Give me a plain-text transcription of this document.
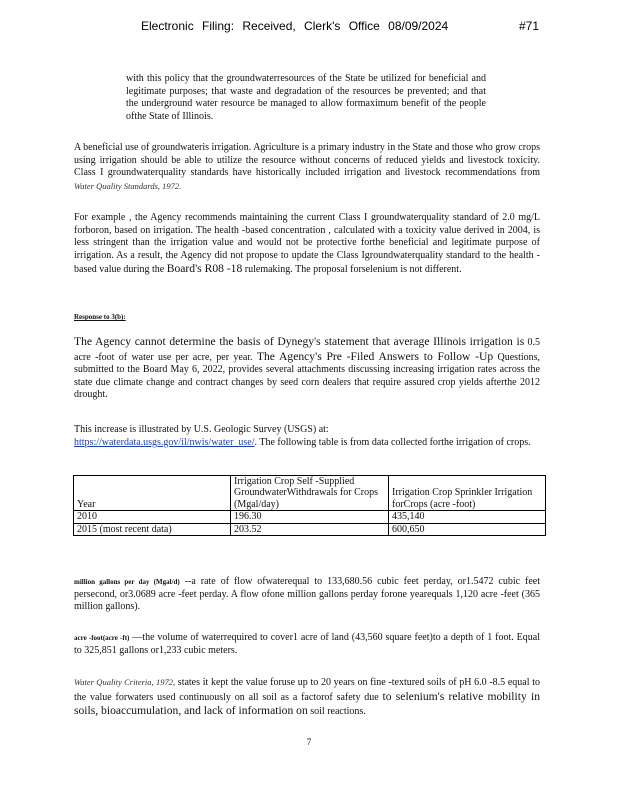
Electronic Filing: Received, Clerk's Office 08/09/2024	#71

with this policy that the groundwaterresources of the State be utilized for beneficial and legitimate purposes; that waste and degradation of the resources be prevented; and that the underground water resource be managed to allow formaximum benefit of the people ofthe State of Illinois.

A beneficial use of groundwateris irrigation. Agriculture is a primary industry in the State and those who grow crops using irrigation should be able to utilize the resource without concerns of reduced yields and livestock toxicity. Class I groundwaterquality standards have historically included irrigation and livestock recommendations from Water Quality Standards, 1972.

For example , the Agency recommends maintaining the current Class I groundwaterquality standard of 2.0 mg/L forboron, based on irrigation. The health -based concentration , calculated with a toxicity value derived in 2004, is less stringent than the irrigation value and would not be protective forthe beneficial and legitimate purpose of irrigation. As a result, the Agency did not propose to update the Class Igroundwaterquality standard to the health -based value during the Board's R08 -18 rulemaking. The proposal forselenium is not different.

Response to 3(b):

The Agency cannot determine the basis of Dynegy's statement that average Illinois irrigation is 0.5 acre -foot of water use per acre, per year. The Agency's Pre -Filed Answers to Follow -Up Questions, submitted to the Board May 6, 2022, provides several attachments discussing increasing irrigation rates across the state due climate change and contract changes by seed corn dealers that require assured crop yields afterthe 2012 drought.

This increase is illustrated by U.S. Geologic Survey (USGS) at:
https://waterdata.usgs.gov/il/nwis/water_use/. The following table is from data collected forthe irrigation of crops.

Year	Irrigation Crop Self -Supplied GroundwaterWithdrawals for Crops (Mgal/day)	Irrigation Crop Sprinkler Irrigation forCrops (acre -foot)
2010	196.30	435,140
2015 (most recent data)	203.52	600,650

million gallons per day (Mgal/d) --a rate of flow ofwaterequal to 133,680.56 cubic feet perday, or1.5472 cubic feet persecond, or3.0689 acre -feet perday. A flow ofone million gallons perday forone yearequals 1,120 acre -feet (365 million gallons).

acre -foot(acre -ft) —the volume of waterrequired to cover1 acre of land (43,560 square feet)to a depth of 1 foot. Equal to 325,851 gallons or1,233 cubic meters.

Water Quality Criteria, 1972, states it kept the value foruse up to 20 years on fine -textured soils of pH 6.0 -8.5 equal to the value forwaters used continuously on all soil as a factorof safety due to selenium's relative mobility in soils, bioaccumulation, and lack of information on soil reactions.

7
